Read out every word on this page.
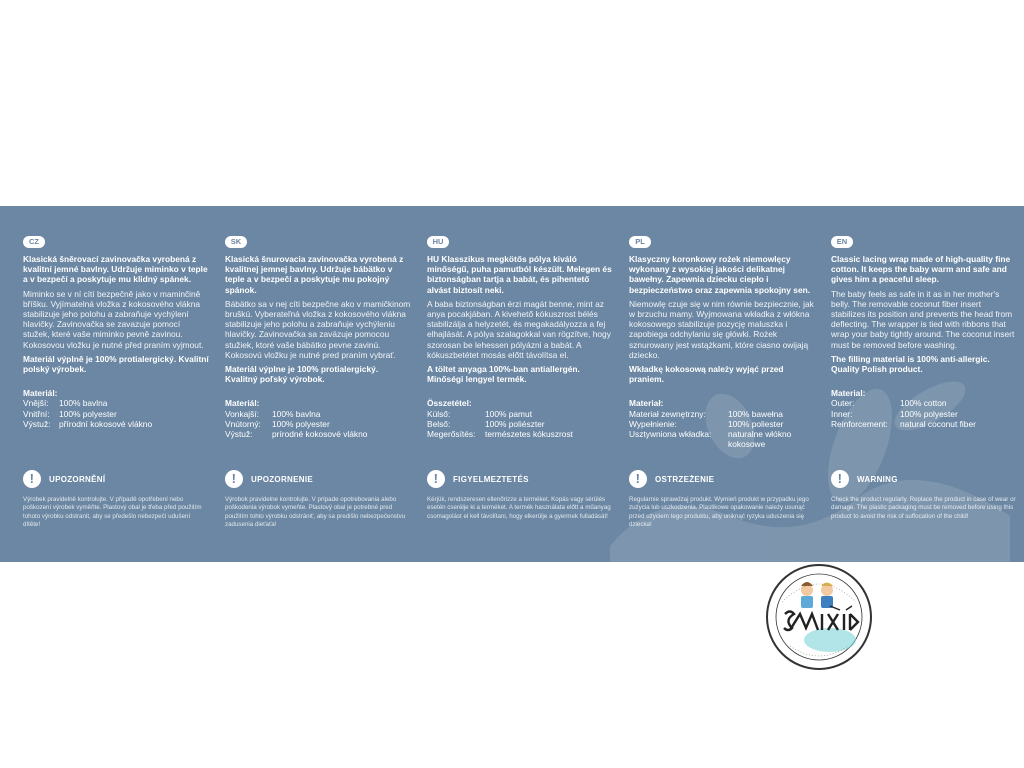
CZ
Klasická šněrovací zavinovačka vyrobená z kvalitní jemné bavlny. Udržuje miminko v teple a v bezpečí a poskytuje mu klidný spánek.
Miminko se v ní cítí bezpečně jako v maminčině bříšku. Vyjímatelná vložka z kokosového vlákna stabilizuje jeho polohu a zabraňuje vychýlení hlavičky. Zavinovačka se zavazuje pomocí stužek, které vaše miminko pevně zavinou. Kokosovou vložku je nutné před praním vyjmout.
Materiál výplně je 100% protialergický. Kvalitní polský výrobek.
Materiál:
Vnější:	100% bavlna
Vnitřní:	100% polyester
Výstuž:	přírodní kokosové vlákno
SK
Klasická šnurovacia zavinovačka vyrobená z kvalitnej jemnej bavlny. Udržuje bábätko v teple a v bezpečí a poskytuje mu pokojný spánok.
Bábätko sa v nej cíti bezpečne ako v mamičkinom bruškú. Vyberateľná vložka z kokosového vlákna stabilizuje jeho polohu a zabraňuje vychýleniu hlavičky. Zavinovačka sa zaväzuje pomocou stužiek, ktoré vaše bábätko pevne zavinú. Kokosovú vložku je nutné pred praním vybrať.
Materiál výplne je 100% protialergický. Kvalitný poľský výrobok.
Materiál:
Vonkajší:	100% bavlna
Vnútorný:	100% polyester
Výstuž:	prírodné kokosové vlákno
HU
HU Klasszikus megkötős pólya kiváló minőségű, puha pamutból készült. Melegen és biztonságban tartja a babát, és pihentető alvást biztosít neki.
A baba biztonságban érzi magát benne, mint az anya pocakjában. A kivehető kókuszrost bélés stabilizálja a helyzetét, és megakadályozza a fej elhajlását. A pólya szalagokkal van rögzítve, hogy szorosan be lehessen pólyázni a babát. A kókuszbetétet mosás előtt távolítsa el.
A töltet anyaga 100%-ban antiallergén. Minőségi lengyel termék.
Összetétel:
Külső:	100% pamut
Belső:	100% poliészter
Megerősítés:	természetes kókuszrost
PL
Klasyczny koronkowy rożek niemowlęcy wykonany z wysokiej jakości delikatnej bawełny. Zapewnia dziecku ciepło i bezpieczeństwo oraz zapewnia spokojny sen.
Niemowlę czuje się w nim równie bezpiecznie, jak w brzuchu mamy. Wyjmowana wkładka z włókna kokosowego stabilizuje pozycję maluszka i zapobiega odchylaniu się główki. Rożek sznurowany jest wstążkami, które ciasno owijają dziecko.
Wkładkę kokosową należy wyjąć przed praniem.
Materiał:
Materiał zewnętrzny:	100% bawełna
Wypełnienie:	100% poliester
Usztywniona wkładka:	naturalne włókno kokosowe
EN
Classic lacing wrap made of high-quality fine cotton. It keeps the baby warm and safe and gives him a peaceful sleep.
The baby feels as safe in it as in her mother's belly. The removable coconut fiber insert stabilizes its position and prevents the head from deflecting. The wrapper is tied with ribbons that wrap your baby tightly around. The coconut insert must be removed before washing.
The filling material is 100% anti-allergic. Quality Polish product.
Material:
Outer:	100% cotton
Inner:	100% polyester
Reinforcement:	natural coconut fiber
!	UPOZORNĚNÍ
Výrobek pravidelně kontrolujte. V případě opotřebení nebo poškození výrobek vyměňte. Plastový obal je třeba před použitím tohoto výrobku odstranit, aby se předešlo nebezpečí udušení dítěte!
!	UPOZORNENIE
Výrobok pravidelne kontrolujte. V prípade opotrebovania alebo poškodenia výrobok vymeňte. Plastový obal je potrebné pred použitím tohto výrobku odstrániť, aby sa predišlo nebezpečenstvu zadusenia dieťaťa!
!	FIGYELMEZTETÉS
Kérjük, rendszeresen ellenőrizze a terméket. Kopás vagy sérülés esetén cserélje ki a terméket. A termék használata előtt a műanyag csomagolást el kell távolítani, hogy elkerülje a gyermek fulladását!
!	OSTRZEŻENIE
Regularnie sprawdzaj produkt. Wymień produkt w przypadku jego zużycia lub uszkodzenia. Plastikowe opakowanie należy usunąć przed użyciem tego produktu, aby uniknąć ryzyka uduszenia się dziecka!
!	WARNING
Check the product regularly. Replace the product in case of wear or damage. The plastic packaging must be removed before using this product to avoid the risk of suffocation of the child!
